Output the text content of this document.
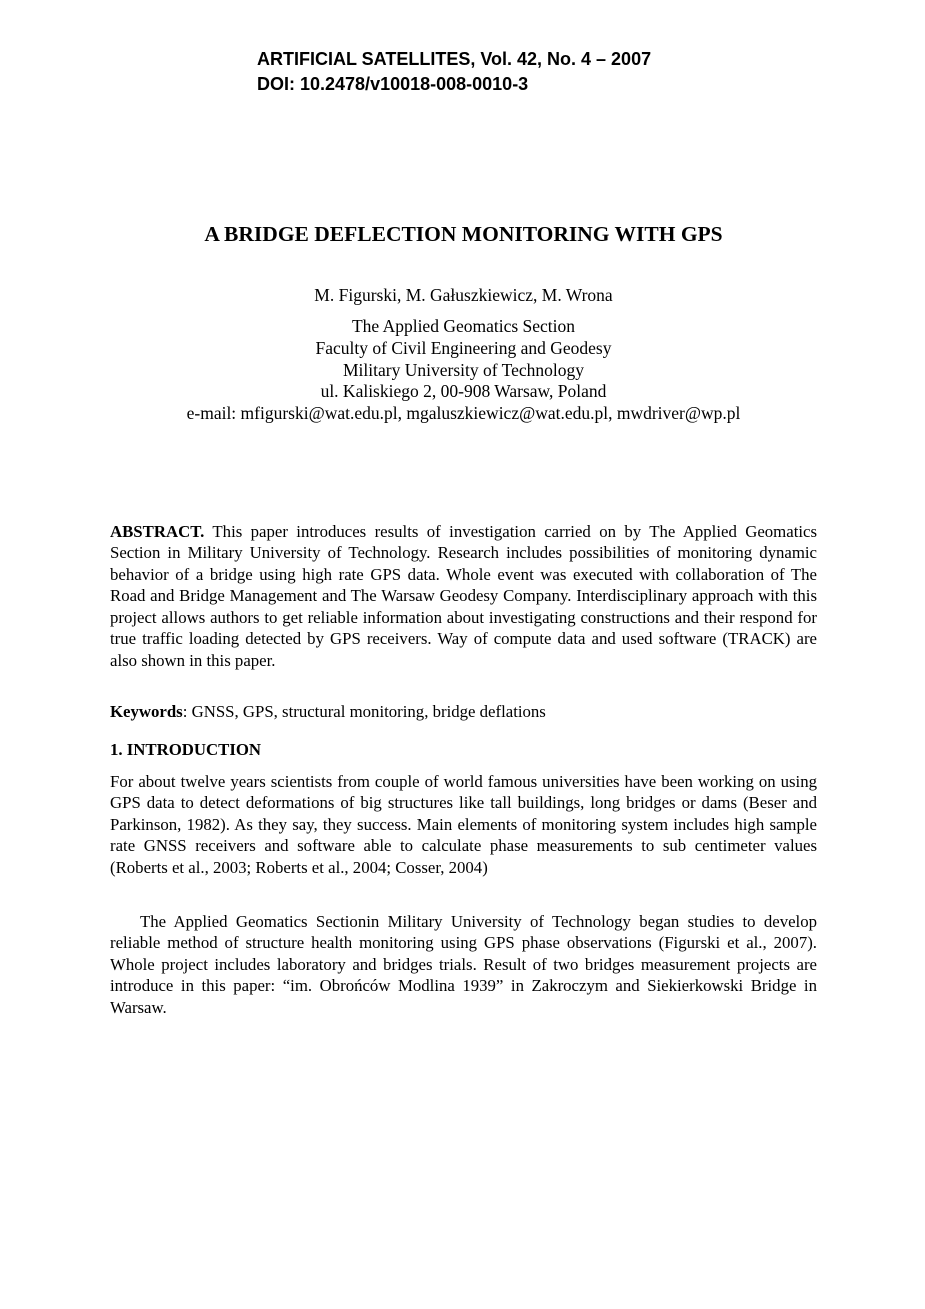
ARTIFICIAL SATELLITES, Vol. 42, No. 4 – 2007
DOI: 10.2478/v10018-008-0010-3
A BRIDGE DEFLECTION MONITORING WITH GPS
M. Figurski, M. Gałuszkiewicz, M. Wrona
The Applied Geomatics Section
Faculty of Civil Engineering and Geodesy
Military University of Technology
ul. Kaliskiego 2, 00-908 Warsaw, Poland
e-mail: mfigurski@wat.edu.pl, mgaluszkiewicz@wat.edu.pl, mwdriver@wp.pl

ABSTRACT. This paper introduces results of investigation carried on by The Applied Geomatics Section in Military University of Technology. Research includes possibilities of monitoring dynamic behavior of a bridge using high rate GPS data. Whole event was executed with collaboration of The Road and Bridge Management and The Warsaw Geodesy Company. Interdisciplinary approach with this project allows authors to get reliable information about investigating constructions and their respond for true traffic loading detected by GPS receivers. Way of compute data and used software (TRACK) are also shown in this paper.

Keywords: GNSS, GPS, structural monitoring, bridge deflations

1. INTRODUCTION

For about twelve years scientists from couple of world famous universities have been working on using GPS data to detect deformations of big structures like tall buildings, long bridges or dams (Beser and Parkinson, 1982). As they say, they success. Main elements of monitoring system includes high sample rate GNSS receivers and software able to calculate phase measurements to sub centimeter values (Roberts et al., 2003; Roberts et al., 2004; Cosser, 2004)

The Applied Geomatics Sectionin Military University of Technology began studies to develop reliable method of structure health monitoring using GPS phase observations (Figurski et al., 2007). Whole project includes laboratory and bridges trials. Result of two bridges measurement projects are introduce in this paper: “im. Obrońców Modlina 1939” in Zakroczym and Siekierkowski Bridge in Warsaw.
